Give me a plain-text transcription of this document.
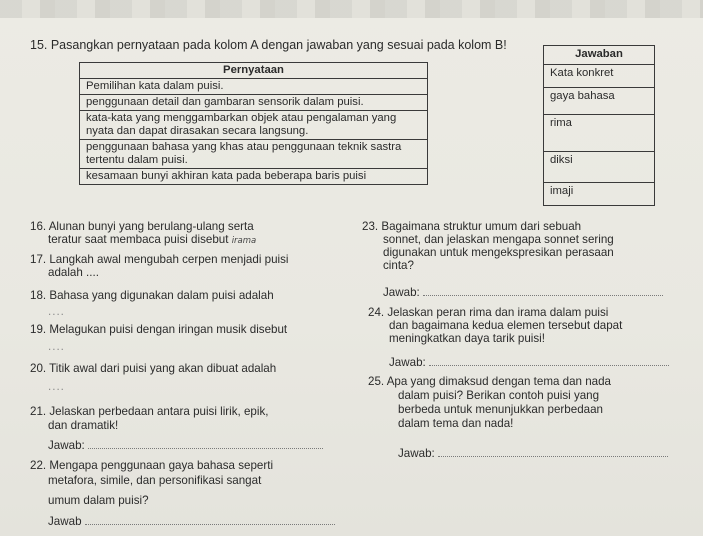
15. Pasangkan pernyataan pada kolom A dengan jawaban yang sesuai pada kolom B!
Pernyataan
Pemilihan kata dalam puisi.
penggunaan detail dan gambaran sensorik dalam puisi.
kata-kata yang menggambarkan objek atau pengalaman yang nyata dan dapat dirasakan secara langsung.
penggunaan bahasa yang khas atau penggunaan teknik sastra tertentu dalam puisi.
kesamaan bunyi akhiran kata pada beberapa baris puisi
Jawaban
Kata konkret
gaya bahasa
rima
diksi
imaji
16. Alunan bunyi yang berulang-ulang serta
teratur saat membaca puisi disebut irama
17. Langkah awal mengubah cerpen menjadi puisi
adalah ....
18. Bahasa yang digunakan dalam puisi adalah
....
19. Melagukan puisi dengan iringan musik disebut
....
20. Titik awal dari puisi yang akan dibuat adalah
....
21. Jelaskan perbedaan antara puisi lirik, epik,
dan dramatik!
Jawab:
22. Mengapa penggunaan gaya bahasa seperti
metafora, simile, dan personifikasi sangat
umum dalam puisi?
Jawab
23. Bagaimana struktur umum dari sebuah
sonnet, dan jelaskan mengapa sonnet sering
digunakan untuk mengekspresikan perasaan
cinta?
Jawab:
24. Jelaskan peran rima dan irama dalam puisi
dan bagaimana kedua elemen tersebut dapat
meningkatkan daya tarik puisi!
Jawab:
25. Apa yang dimaksud dengan tema dan nada
dalam puisi? Berikan contoh puisi yang
berbeda untuk menunjukkan perbedaan
dalam tema dan nada!
Jawab:
